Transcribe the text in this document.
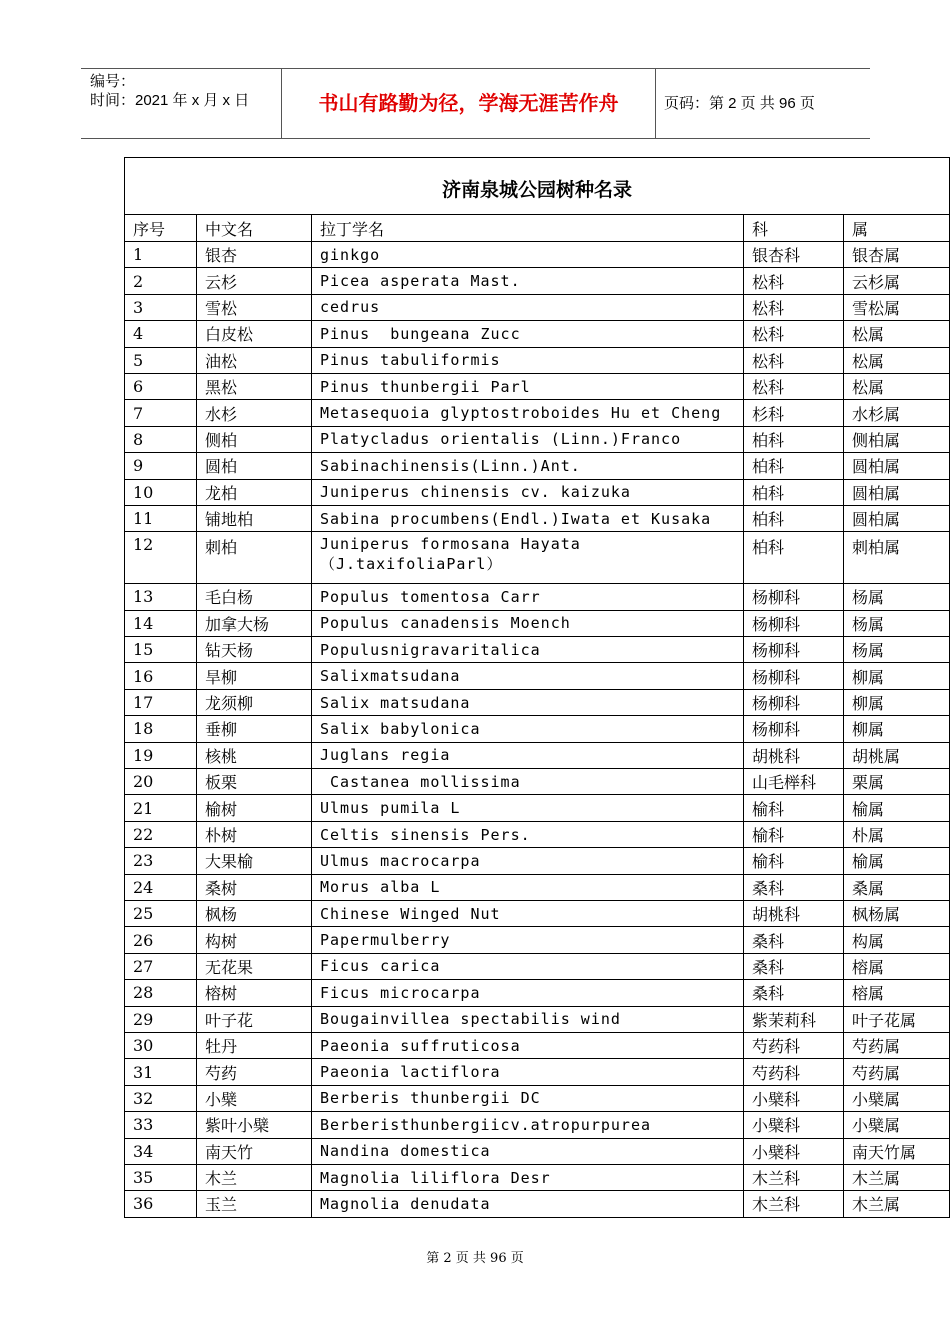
编号：
时间：2021 年 x 月 x 日	书山有路勤为径，学海无涯苦作舟	页码：第 2 页 共 96 页
济南泉城公园树种名录				
序号	中文名	拉丁学名	科	属
1	银杏	ginkgo	银杏科	银杏属
2	云杉	Picea asperata Mast.	松科	云杉属
3	雪松	cedrus	松科	雪松属
4	白皮松	Pinus  bungeana Zucc	松科	松属
5	油松	Pinus tabuliformis	松科	松属
6	黑松	Pinus thunbergii Parl	松科	松属
7	水杉	Metasequoia glyptostroboides Hu et Cheng	杉科	水杉属
8	侧柏	Platycladus orientalis (Linn.)Franco	柏科	侧柏属
9	圆柏	Sabinachinensis(Linn.)Ant.	柏科	圆柏属
10	龙柏	Juniperus chinensis cv. kaizuka	柏科	圆柏属
11	铺地柏	Sabina procumbens(Endl.)Iwata et Kusaka	柏科	圆柏属
12	刺柏	Juniperus formosana Hayata（J.taxifoliaParl）	柏科	刺柏属
13	毛白杨	Populus tomentosa Carr	杨柳科	杨属
14	加拿大杨	Populus canadensis Moench	杨柳科	杨属
15	钻天杨	Populusnigravaritalica	杨柳科	杨属
16	旱柳	Salixmatsudana	杨柳科	柳属
17	龙须柳	Salix matsudana	杨柳科	柳属
18	垂柳	Salix babylonica	杨柳科	柳属
19	核桃	Juglans regia	胡桃科	胡桃属
20	板栗	Castanea mollissima	山毛榉科	栗属
21	榆树	Ulmus pumila L	榆科	榆属
22	朴树	Celtis sinensis Pers.	榆科	朴属
23	大果榆	Ulmus macrocarpa	榆科	榆属
24	桑树	Morus alba L	桑科	桑属
25	枫杨	Chinese Winged Nut	胡桃科	枫杨属
26	构树	Papermulberry	桑科	构属
27	无花果	Ficus carica	桑科	榕属
28	榕树	Ficus microcarpa	桑科	榕属
29	叶子花	Bougainvillea spectabilis wind	紫茉莉科	叶子花属
30	牡丹	Paeonia suffruticosa	芍药科	芍药属
31	芍药	Paeonia lactiflora	芍药科	芍药属
32	小檗	Berberis thunbergii DC	小檗科	小檗属
33	紫叶小檗	Berberisthunbergiicv.atropurpurea	小檗科	小檗属
34	南天竹	Nandina domestica	小檗科	南天竹属
35	木兰	Magnolia liliflora Desr	木兰科	木兰属
36	玉兰	Magnolia denudata	木兰科	木兰属
第 2 页 共 96 页
